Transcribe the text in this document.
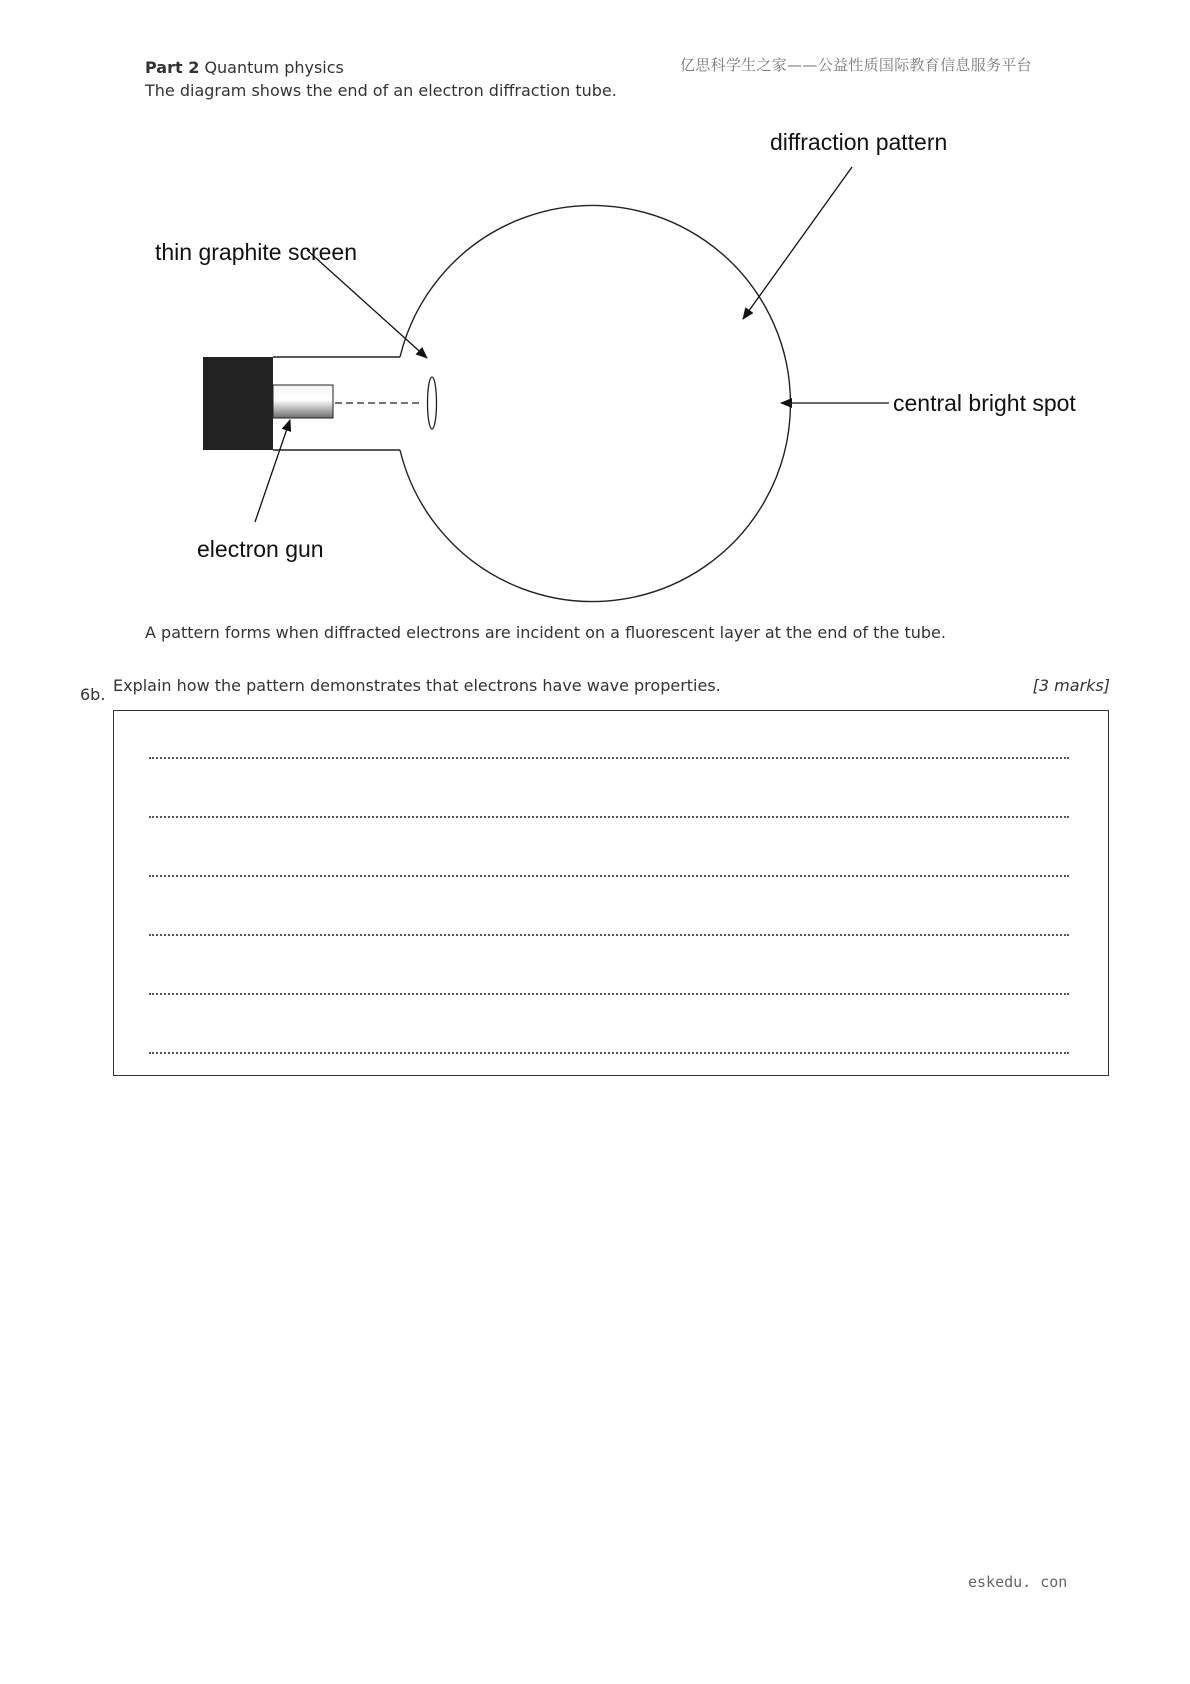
Part 2 Quantum physics	亿思科学生之家——公益性质国际教育信息服务平台
The diagram shows the end of an electron diffraction tube.
diffraction pattern
thin graphite screen
central bright spot
electron gun
A pattern forms when diffracted electrons are incident on a fluorescent layer at the end of the tube.
6b. Explain how the pattern demonstrates that electrons have wave properties.	[3 marks]
eskedu. con
